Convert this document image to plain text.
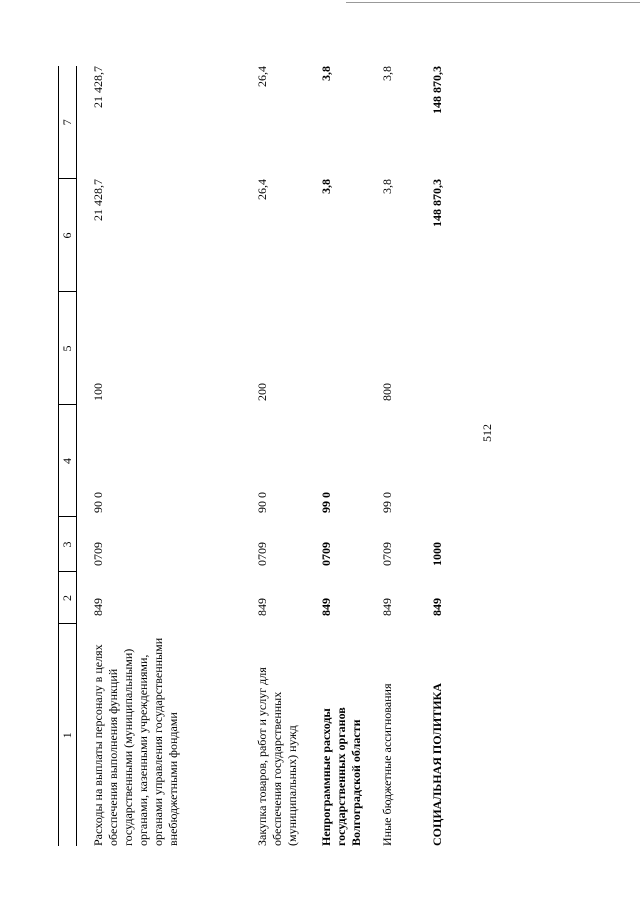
512
1	2	3	4	5	6	7
Расходы на выплаты персоналу в целях обеспечения выполнения функций государственными (муниципальными) органами, казенными учреждениями, органами управления государственными внебюджетными фондами	849	0709	90 0	100	21 428,7	21 428,7
Закупка товаров, работ и услуг для обеспечения государственных (муниципальных) нужд	849	0709	90 0	200	26,4	26,4
Непрограммные расходы государственных органов Волгоградской области	849	0709	99 0		3,8	3,8
Иные бюджетные ассигнования	849	0709	99 0	800	3,8	3,8
СОЦИАЛЬНАЯ ПОЛИТИКА	849	1000			148 870,3	148 870,3
